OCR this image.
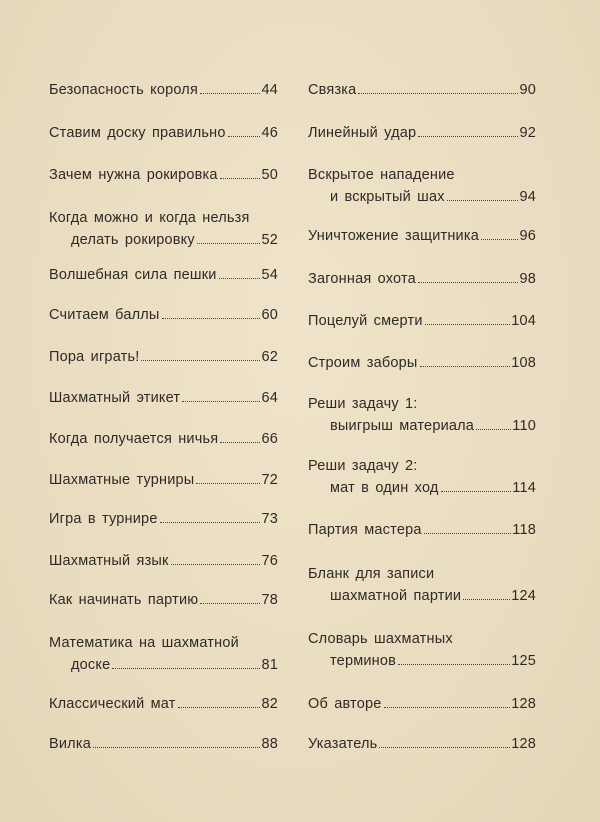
Безопасность короля	44
Ставим доску правильно 46
Зачем нужна рокировка	50
Когда можно и когда нельзя
делать рокировку	52
Волшебная сила пешки	54
Считаем баллы	60
Пора играть!	62
Шахматный этикет	64
Когда получается ничья	66
Шахматные турниры	72
Игра в турнире	73
Шахматный язык	76
Как начинать партию	78
Математика на шахматной
доске	81
Классический мат	82
Вилка	88
Связка	90
Линейный удар	92
Вскрытое нападение
и вскрытый шах	94
Уничтожение защитника	96
Загонная охота	98
Поцелуй смерти	104
Строим заборы	108
Реши задачу 1:
выигрыш материала	110
Реши задачу 2:
мат в один ход	114
Партия мастера	118
Бланк для записи
шахматной партии	124
Словарь шахматных
терминов	125
Об авторе	128
Указатель	128
